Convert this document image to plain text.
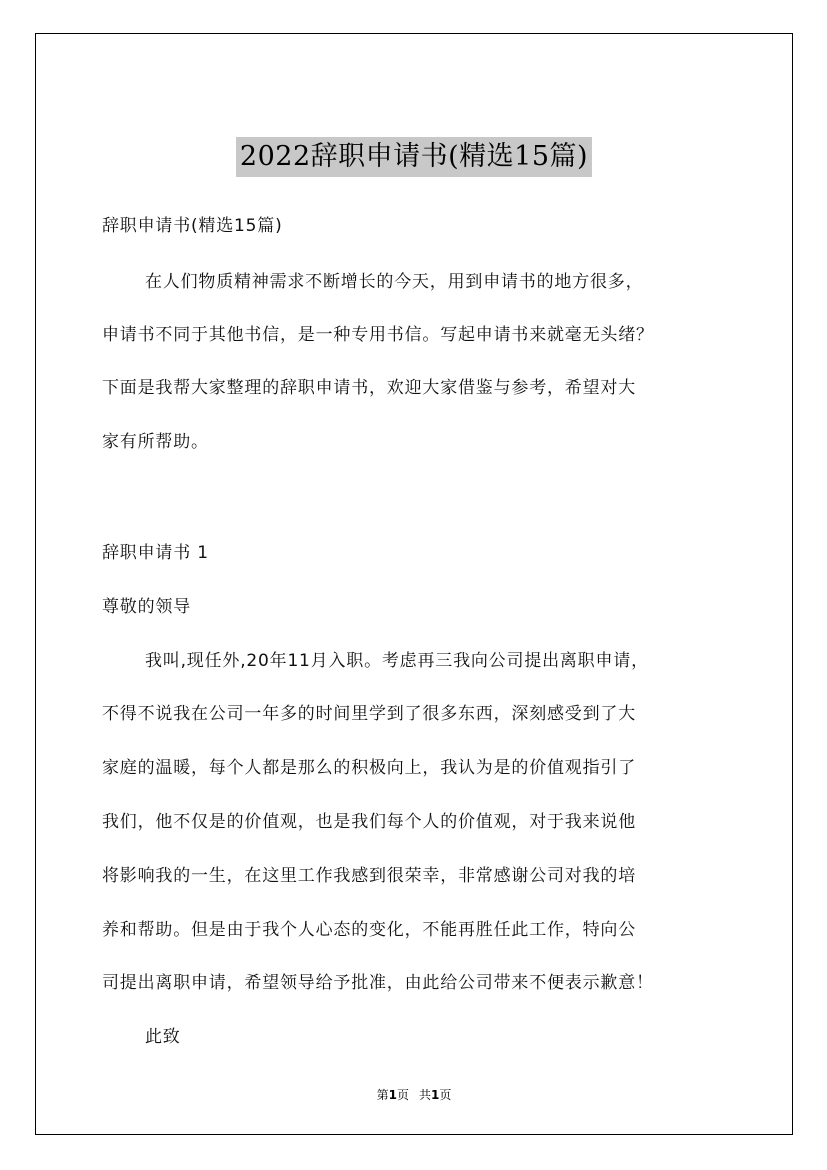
2022辞职申请书(精选15篇)

辞职申请书(精选15篇)

在人们物质精神需求不断增长的今天，用到申请书的地方很多，

申请书不同于其他书信，是一种专用书信。写起申请书来就毫无头绪？

下面是我帮大家整理的辞职申请书，欢迎大家借鉴与参考，希望对大

家有所帮助。

辞职申请书 1

尊敬的领导

我叫,现任外,20年11月入职。考虑再三我向公司提出离职申请，

不得不说我在公司一年多的时间里学到了很多东西，深刻感受到了大

家庭的温暖，每个人都是那么的积极向上，我认为是的价值观指引了

我们，他不仅是的价值观，也是我们每个人的价值观，对于我来说他

将影响我的一生，在这里工作我感到很荣幸，非常感谢公司对我的培

养和帮助。但是由于我个人心态的变化，不能再胜任此工作，特向公

司提出离职申请，希望领导给予批准，由此给公司带来不便表示歉意！

此致

第1页 共1页
